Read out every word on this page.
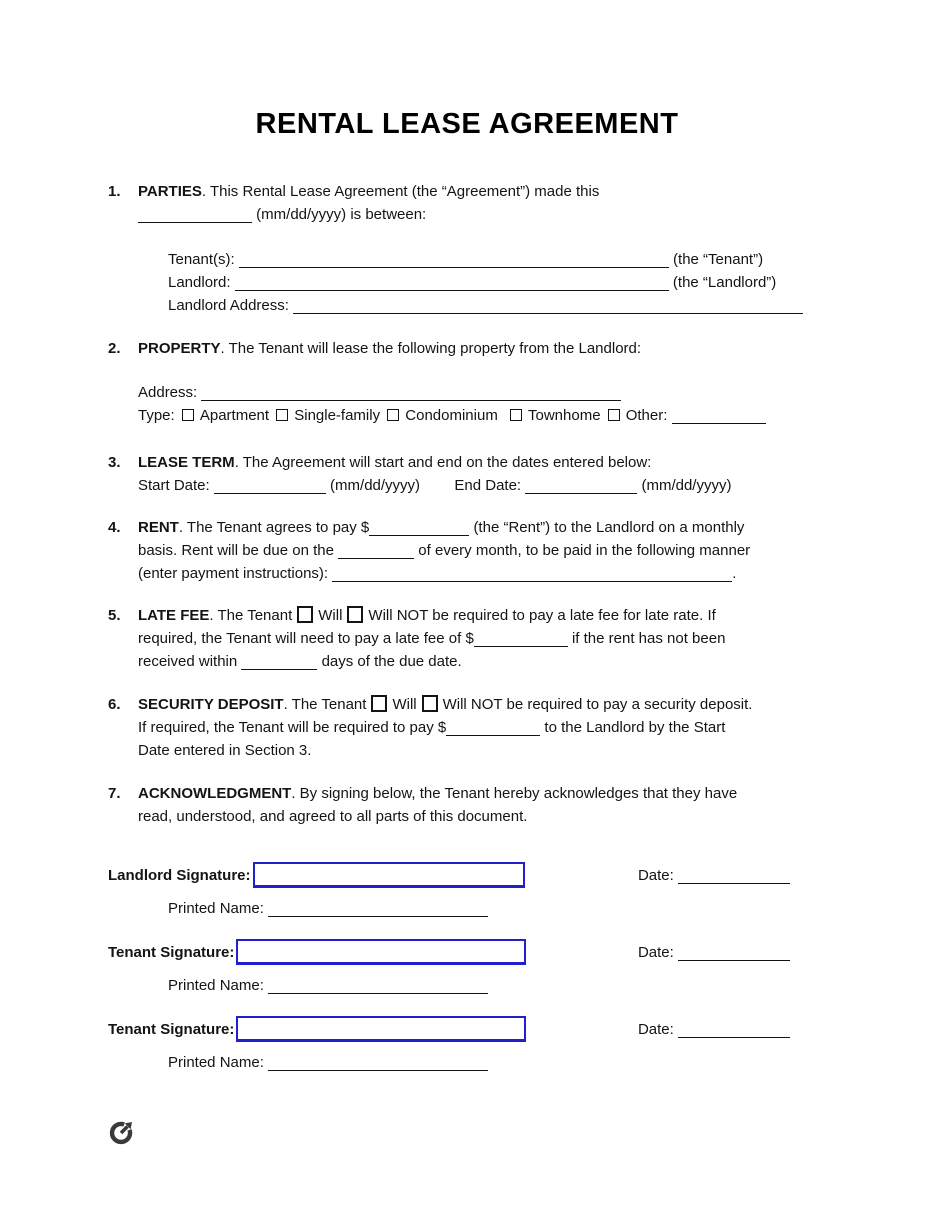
RENTAL LEASE AGREEMENT
1.	PARTIES. This Rental Lease Agreement (the “Agreement”) made this
(mm/dd/yyyy) is between:
Tenant(s):	(the “Tenant”)
Landlord:	(the “Landlord”)
Landlord Address:
2.	PROPERTY. The Tenant will lease the following property from the Landlord:
Address:
Type: Apartment Single-family Condominium Townhome Other:
3.	LEASE TERM. The Agreement will start and end on the dates entered below:
Start Date:	(mm/dd/yyyy) End Date:	(mm/dd/yyyy)
4.	RENT. The Tenant agrees to pay $	(the “Rent”) to the Landlord on a monthly
basis. Rent will be due on the	of every month, to be paid in the following manner
(enter payment instructions):	.
5.	LATE FEE. The Tenant Will Will NOT be required to pay a late fee for late rate. If
required, the Tenant will need to pay a late fee of $	if the rent has not been
received within	days of the due date.
6.	SECURITY DEPOSIT. The Tenant Will Will NOT be required to pay a security deposit.
If required, the Tenant will be required to pay $	to the Landlord by the Start
Date entered in Section 3.
7.	ACKNOWLEDGMENT. By signing below, the Tenant hereby acknowledges that they have
read, understood, and agreed to all parts of this document.
Landlord Signature:	Date:
Printed Name:
Tenant Signature:	Date:
Printed Name:
Tenant Signature:	Date:
Printed Name:
